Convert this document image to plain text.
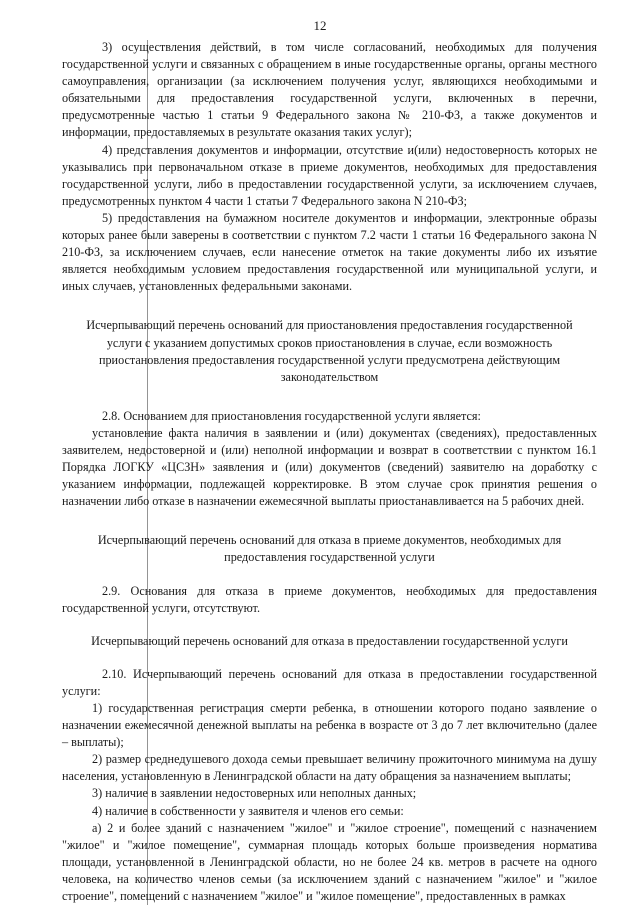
12

3) осуществления действий, в том числе согласований, необходимых для получения государственной услуги и связанных с обращением в иные государственные органы, органы местного самоуправления, организации (за исключением получения услуг, являющихся необходимыми и обязательными для предоставления государственной услуги, включенных в перечни, предусмотренные частью 1 статьи 9 Федерального закона № 210-ФЗ, а также документов и информации, предоставляемых в результате оказания таких услуг);

4) представления документов и информации, отсутствие и(или) недостоверность которых не указывались при первоначальном отказе в приеме документов, необходимых для предоставления государственной услуги, либо в предоставлении государственной услуги, за исключением случаев, предусмотренных пунктом 4 части 1 статьи 7 Федерального закона N 210-ФЗ;

5) предоставления на бумажном носителе документов и информации, электронные образы которых ранее были заверены в соответствии с пунктом 7.2 части 1 статьи 16 Федерального закона N 210-ФЗ, за исключением случаев, если нанесение отметок на такие документы либо их изъятие является необходимым условием предоставления государственной или муниципальной услуги, и иных случаев, установленных федеральными законами.

Исчерпывающий перечень оснований для приостановления предоставления государственной услуги с указанием допустимых сроков приостановления в случае, если возможность приостановления предоставления государственной услуги предусмотрена действующим законодательством

2.8. Основанием для приостановления государственной услуги является:

установление факта наличия в заявлении и (или) документах (сведениях), предоставленных заявителем, недостоверной и (или) неполной информации и возврат в соответствии с пунктом 16.1 Порядка ЛОГКУ «ЦСЗН» заявления и (или) документов (сведений) заявителю на доработку с указанием информации, подлежащей корректировке. В этом случае срок принятия решения о назначении либо отказе в назначении ежемесячной выплаты приостанавливается на 5 рабочих дней.

Исчерпывающий перечень оснований для отказа в приеме документов, необходимых для предоставления государственной услуги

2.9. Основания для отказа в приеме документов, необходимых для предоставления государственной услуги, отсутствуют.

Исчерпывающий перечень оснований для отказа в предоставлении государственной услуги

2.10. Исчерпывающий перечень оснований для отказа в предоставлении государственной услуги:

1) государственная регистрация смерти ребенка, в отношении которого подано заявление о назначении ежемесячной денежной выплаты на ребенка в возрасте от 3 до 7 лет включительно (далее – выплаты);

2) размер среднедушевого дохода семьи превышает величину прожиточного минимума на душу населения, установленную в Ленинградской области на дату обращения за назначением выплаты;

3) наличие в заявлении недостоверных или неполных данных;

4) наличие в собственности у заявителя и членов его семьи:

а) 2 и более зданий с назначением "жилое" и "жилое строение", помещений с назначением "жилое" и "жилое помещение", суммарная площадь которых больше произведения норматива площади, установленной в Ленинградской области, но не более 24 кв. метров в расчете на одного человека, на количество членов семьи (за исключением зданий с назначением "жилое" и "жилое строение", помещений с назначением "жилое" и "жилое помещение", предоставленных в рамках
